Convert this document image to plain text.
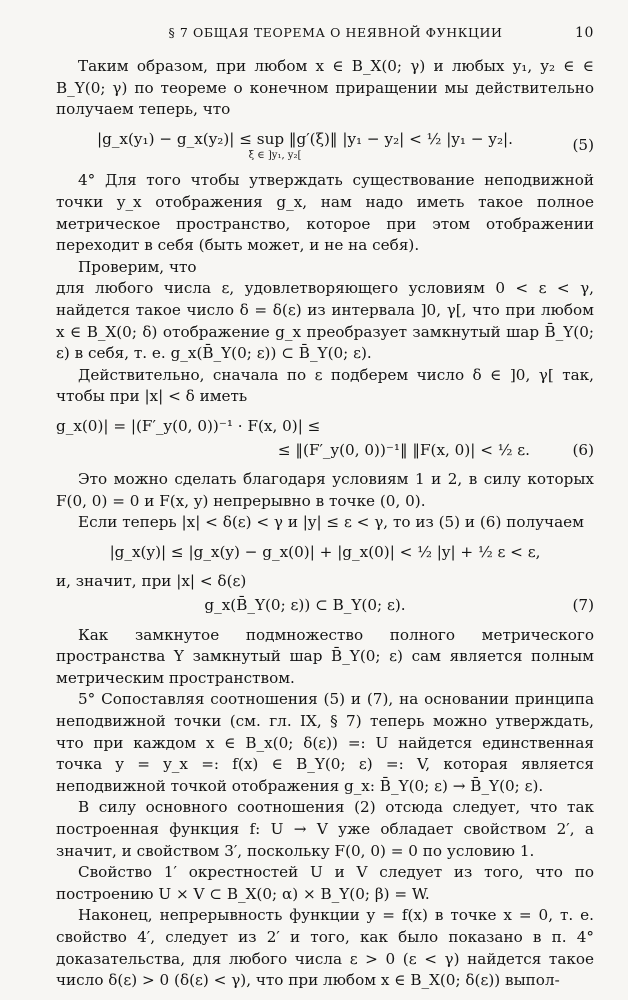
§ 7 ОБЩАЯ ТЕОРЕМА О НЕЯВНОЙ ФУНКЦИИ	10

Таким образом, при любом x ∈ B_X(0; γ) и любых y₁, y₂ ∈ ∈ B_Y(0; γ) по теореме о конечном приращении мы действительно получаем теперь, что

|g_x(y₁) − g_x(y₂)| ≤ sup ‖g′(ξ)‖ |y₁ − y₂| < ½ |y₁ − y₂|.
ξ ∈ ]y₁, y₂[
(5)

4° Для того чтобы утверждать существование неподвижной точки y_x отображения g_x, нам надо иметь такое полное метрическое пространство, которое при этом отображении переходит в себя (быть может, и не на себя).

Проверим, что

для любого числа ε, удовлетворяющего условиям 0 < ε < γ, найдется такое число δ = δ(ε) из интервала ]0, γ[, что при любом x ∈ B_X(0; δ) отображение g_x преобразует замкнутый шар B̄_Y(0; ε) в себя, т. е. g_x(B̄_Y(0; ε)) ⊂ B̄_Y(0; ε).

Действительно, сначала по ε подберем число δ ∈ ]0, γ[ так, чтобы при |x| < δ иметь

g_x(0)| = |(F′_y(0, 0))⁻¹ · F(x, 0)| ≤
≤ ‖(F′_y(0, 0))⁻¹‖ ‖F(x, 0)| < ½ ε.	(6)

Это можно сделать благодаря условиям 1 и 2, в силу которых F(0, 0) = 0 и F(x, y) непрерывно в точке (0, 0).

Если теперь |x| < δ(ε) < γ и |y| ≤ ε < γ, то из (5) и (6) получаем

|g_x(y)| ≤ |g_x(y) − g_x(0)| + |g_x(0)| < ½ |y| + ½ ε < ε,

и, значит, при |x| < δ(ε)

g_x(B̄_Y(0; ε)) ⊂ B_Y(0; ε).	(7)

Как замкнутое подмножество полного метрического пространства Y замкнутый шар B̄_Y(0; ε) сам является полным метрическим пространством.

5° Сопоставляя соотношения (5) и (7), на основании принципа неподвижной точки (см. гл. IX, § 7) теперь можно утверждать, что при каждом x ∈ B_x(0; δ(ε)) =: U найдется единственная точка y = y_x =: f(x) ∈ B_Y(0; ε) =: V, которая является неподвижной точкой отображения g_x: B̄_Y(0; ε) → B̄_Y(0; ε).

В силу основного соотношения (2) отсюда следует, что так построенная функция f: U → V уже обладает свойством 2′, а значит, и свойством 3′, поскольку F(0, 0) = 0 по условию 1.

Свойство 1′ окрестностей U и V следует из того, что по построению U × V ⊂ B_X(0; α) × B_Y(0; β) = W.

Наконец, непрерывность функции y = f(x) в точке x = 0, т. е. свойство 4′, следует из 2′ и того, как было показано в п. 4° доказательства, для любого числа ε > 0 (ε < γ) найдется такое число δ(ε) > 0 (δ(ε) < γ), что при любом x ∈ B_X(0; δ(ε)) выпол-
